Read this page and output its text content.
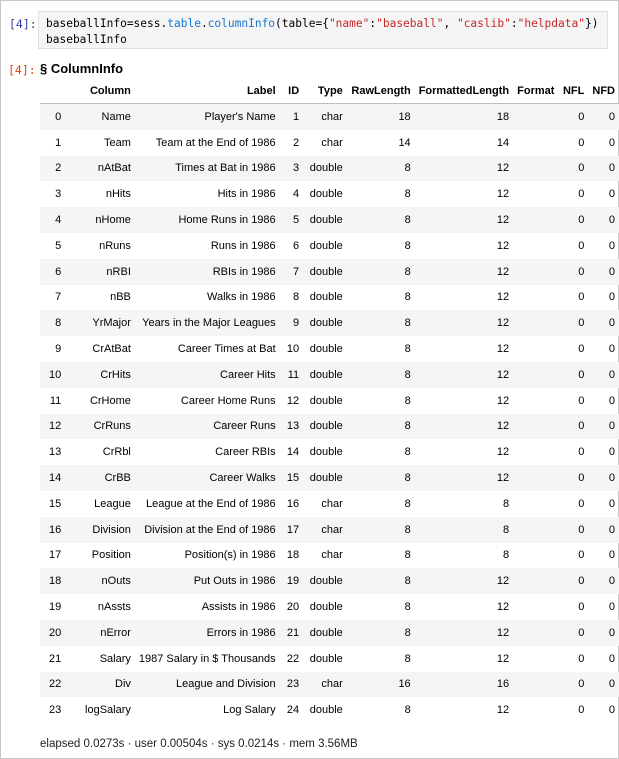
[4]: baseballInfo=sess.table.columnInfo(table={"name":"baseball", "caslib":"helpdata"})
baseballInfo
[4]: § ColumnInfo
	Column	Label	ID	Type	RawLength	FormattedLength	Format	NFL	NFD
0	Name	Player's Name	1	char	18	18		0	0
1	Team	Team at the End of 1986	2	char	14	14		0	0
2	nAtBat	Times at Bat in 1986	3	double	8	12		0	0
3	nHits	Hits in 1986	4	double	8	12		0	0
4	nHome	Home Runs in 1986	5	double	8	12		0	0
5	nRuns	Runs in 1986	6	double	8	12		0	0
6	nRBI	RBIs in 1986	7	double	8	12		0	0
7	nBB	Walks in 1986	8	double	8	12		0	0
8	YrMajor	Years in the Major Leagues	9	double	8	12		0	0
9	CrAtBat	Career Times at Bat	10	double	8	12		0	0
10	CrHits	Career Hits	11	double	8	12		0	0
11	CrHome	Career Home Runs	12	double	8	12		0	0
12	CrRuns	Career Runs	13	double	8	12		0	0
13	CrRbl	Career RBIs	14	double	8	12		0	0
14	CrBB	Career Walks	15	double	8	12		0	0
15	League	League at the End of 1986	16	char	8	8		0	0
16	Division	Division at the End of 1986	17	char	8	8		0	0
17	Position	Position(s) in 1986	18	char	8	8		0	0
18	nOuts	Put Outs in 1986	19	double	8	12		0	0
19	nAssts	Assists in 1986	20	double	8	12		0	0
20	nError	Errors in 1986	21	double	8	12		0	0
21	Salary	1987 Salary in $ Thousands	22	double	8	12		0	0
22	Div	League and Division	23	char	16	16		0	0
23	logSalary	Log Salary	24	double	8	12		0	0
elapsed 0.0273s · user 0.00504s · sys 0.0214s · mem 3.56MB
